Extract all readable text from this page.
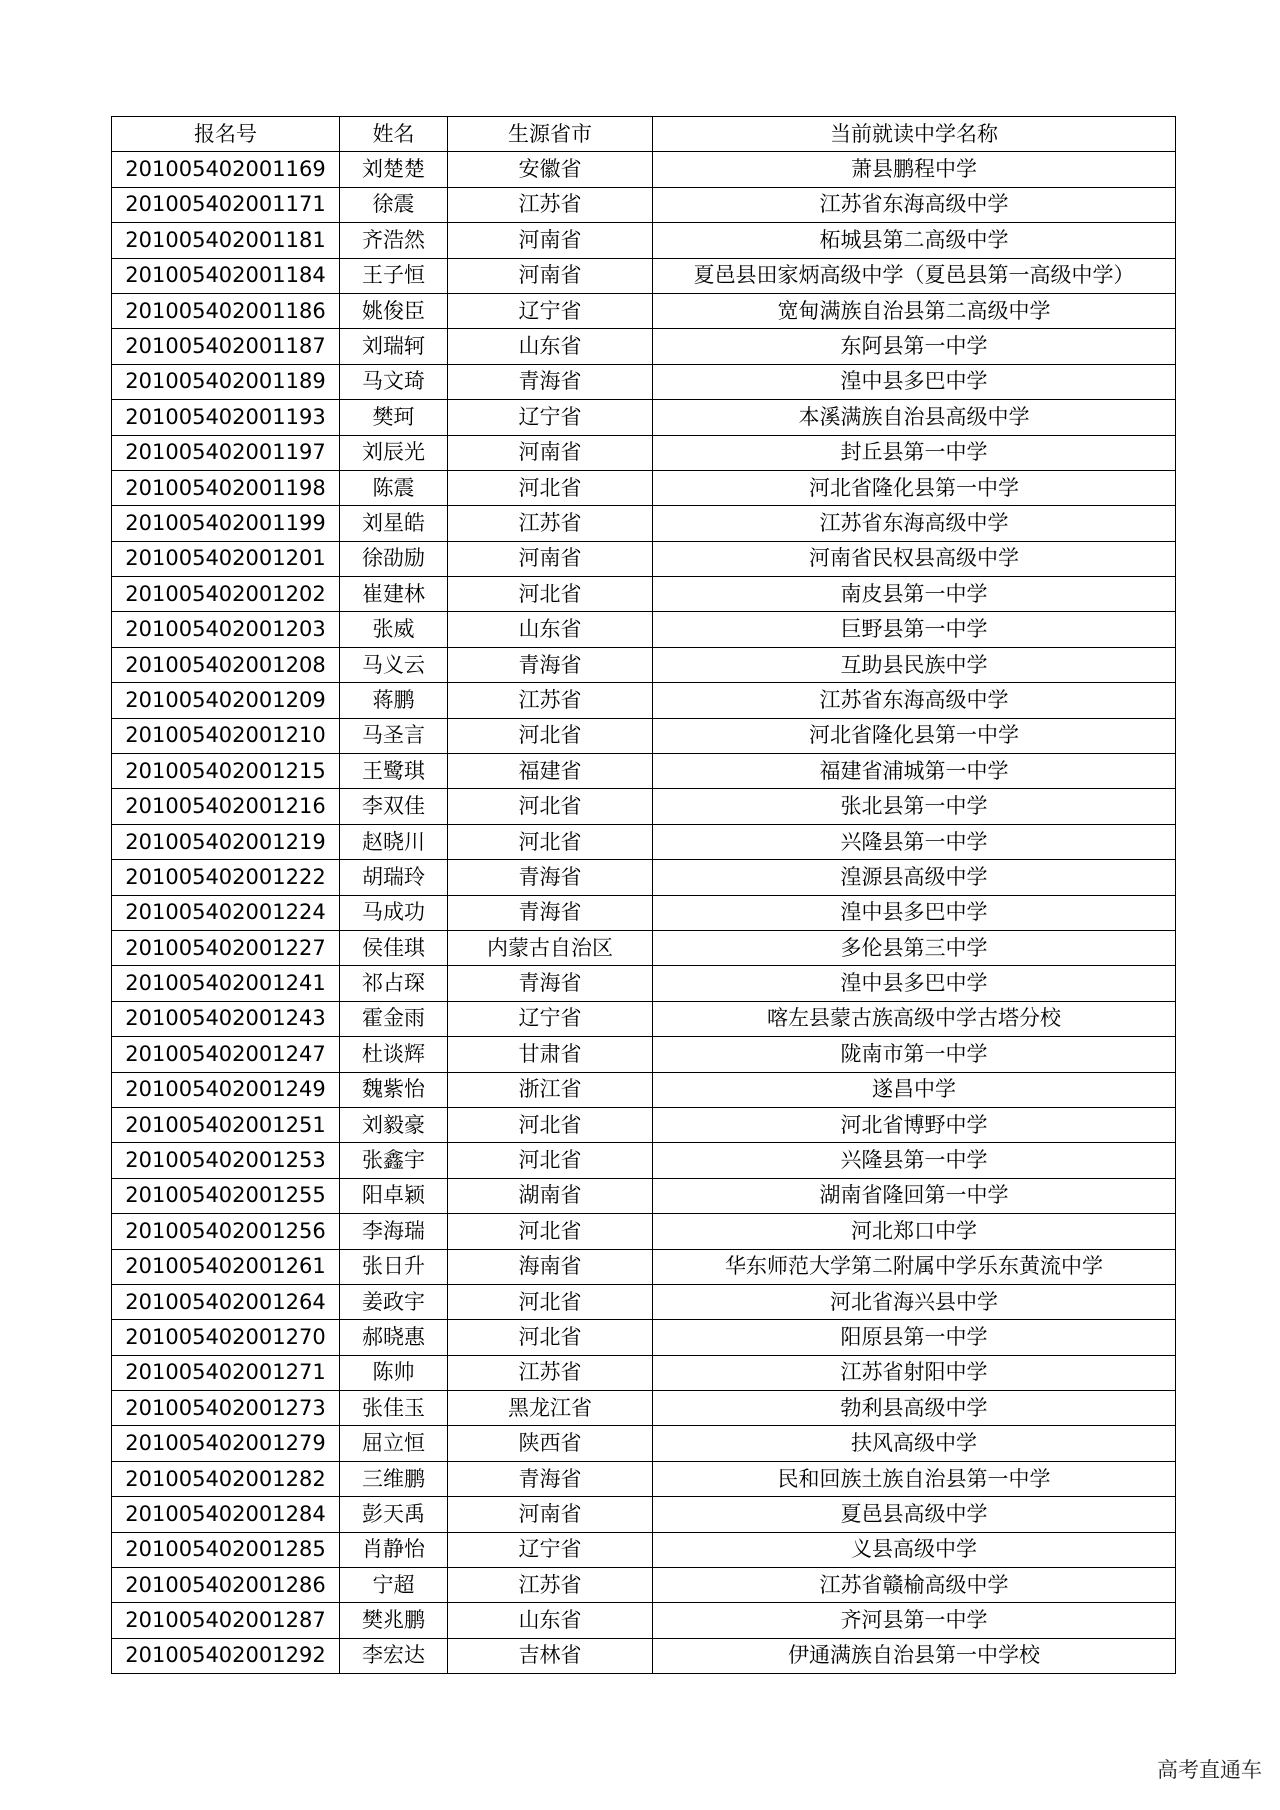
报名号	姓名	生源省市	当前就读中学名称
201005402001169	刘楚楚	安徽省	萧县鹏程中学
201005402001171	徐震	江苏省	江苏省东海高级中学
201005402001181	齐浩然	河南省	柘城县第二高级中学
201005402001184	王子恒	河南省	夏邑县田家炳高级中学（夏邑县第一高级中学）
201005402001186	姚俊臣	辽宁省	宽甸满族自治县第二高级中学
201005402001187	刘瑞轲	山东省	东阿县第一中学
201005402001189	马文琦	青海省	湟中县多巴中学
201005402001193	樊珂	辽宁省	本溪满族自治县高级中学
201005402001197	刘辰光	河南省	封丘县第一中学
201005402001198	陈震	河北省	河北省隆化县第一中学
201005402001199	刘星皓	江苏省	江苏省东海高级中学
201005402001201	徐劭励	河南省	河南省民权县高级中学
201005402001202	崔建林	河北省	南皮县第一中学
201005402001203	张威	山东省	巨野县第一中学
201005402001208	马义云	青海省	互助县民族中学
201005402001209	蒋鹏	江苏省	江苏省东海高级中学
201005402001210	马圣言	河北省	河北省隆化县第一中学
201005402001215	王鹭琪	福建省	福建省浦城第一中学
201005402001216	李双佳	河北省	张北县第一中学
201005402001219	赵晓川	河北省	兴隆县第一中学
201005402001222	胡瑞玲	青海省	湟源县高级中学
201005402001224	马成功	青海省	湟中县多巴中学
201005402001227	侯佳琪	内蒙古自治区	多伦县第三中学
201005402001241	祁占琛	青海省	湟中县多巴中学
201005402001243	霍金雨	辽宁省	喀左县蒙古族高级中学古塔分校
201005402001247	杜谈辉	甘肃省	陇南市第一中学
201005402001249	魏紫怡	浙江省	遂昌中学
201005402001251	刘毅豪	河北省	河北省博野中学
201005402001253	张鑫宇	河北省	兴隆县第一中学
201005402001255	阳卓颖	湖南省	湖南省隆回第一中学
201005402001256	李海瑞	河北省	河北郑口中学
201005402001261	张日升	海南省	华东师范大学第二附属中学乐东黄流中学
201005402001264	姜政宇	河北省	河北省海兴县中学
201005402001270	郝晓惠	河北省	阳原县第一中学
201005402001271	陈帅	江苏省	江苏省射阳中学
201005402001273	张佳玉	黑龙江省	勃利县高级中学
201005402001279	屈立恒	陕西省	扶风高级中学
201005402001282	三维鹏	青海省	民和回族土族自治县第一中学
201005402001284	彭天禹	河南省	夏邑县高级中学
201005402001285	肖静怡	辽宁省	义县高级中学
201005402001286	宁超	江苏省	江苏省赣榆高级中学
201005402001287	樊兆鹏	山东省	齐河县第一中学
201005402001292	李宏达	吉林省	伊通满族自治县第一中学校
高考直通车
